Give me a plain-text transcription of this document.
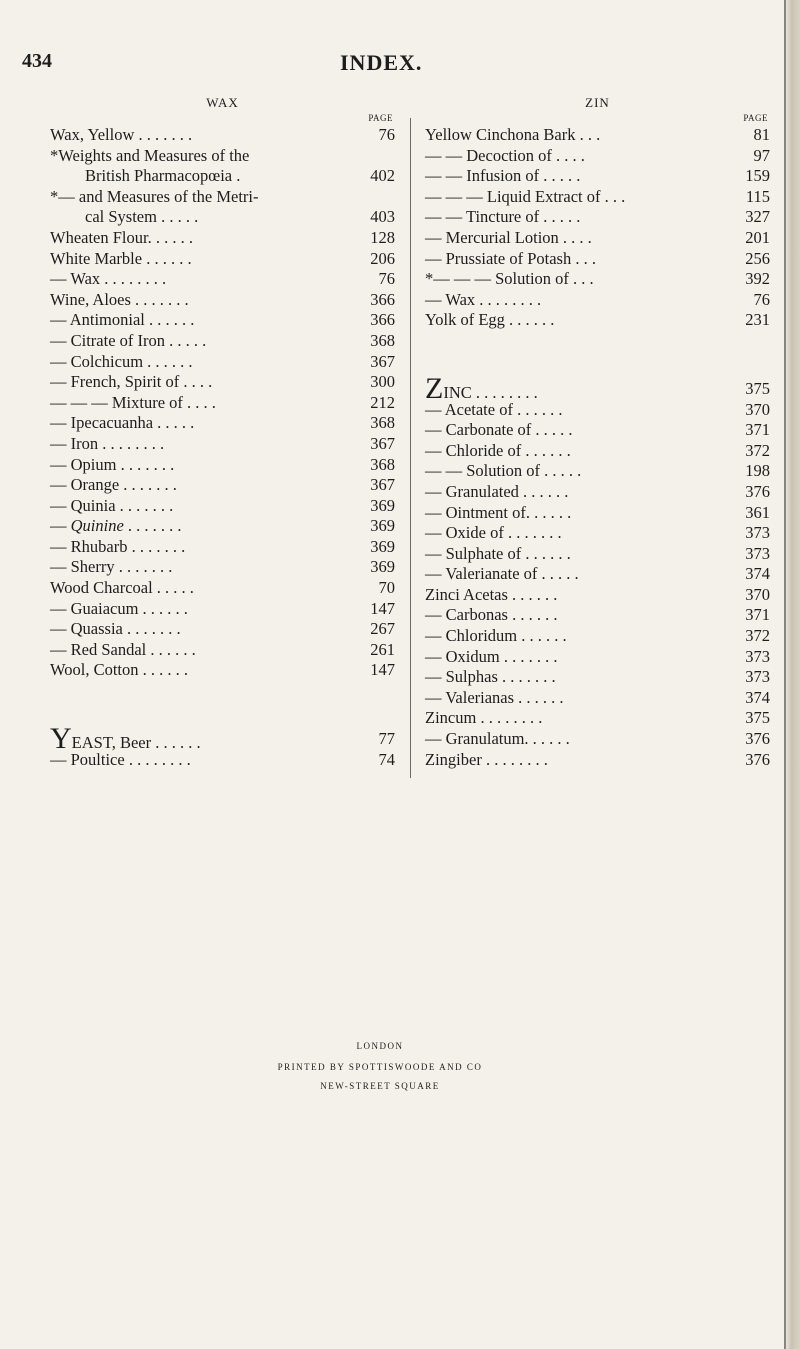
434	INDEX.
WAX
PAGE
Wax, Yellow . . . . . . .	76
*Weights and Measures of the
British Pharmacopœia .	402
*— and Measures of the Metri-
cal System . . . . .	403
Wheaten Flour. . . . . .	128
White Marble . . . . . .	206
— Wax . . . . . . . .	76
Wine, Aloes . . . . . . .	366
— Antimonial . . . . . .	366
— Citrate of Iron . . . . .	368
— Colchicum . . . . . .	367
— French, Spirit of . . . .	300
— — — Mixture of . . . .	212
— Ipecacuanha . . . . .	368
— Iron . . . . . . . .	367
— Opium . . . . . . .	368
— Orange . . . . . . .	367
— Quinia . . . . . . .	369
— Quinine . . . . . . .	369
— Rhubarb . . . . . . .	369
— Sherry . . . . . . .	369
Wood Charcoal . . . . .	70
— Guaiacum . . . . . .	147
— Quassia . . . . . . .	267
— Red Sandal . . . . . .	261
Wool, Cotton . . . . . .	147
YEAST, Beer . . . . . .	77
— Poultice . . . . . . . .	74
ZIN
PAGE
Yellow Cinchona Bark . . .	81
— — Decoction of . . . .	97
— — Infusion of . . . . .	159
— — — Liquid Extract of . . .	115
— — Tincture of . . . . .	327
— Mercurial Lotion . . . .	201
— Prussiate of Potash . . .	256
*— — — Solution of . . .	392
— Wax . . . . . . . .	76
Yolk of Egg . . . . . .	231
ZINC . . . . . . . .	375
— Acetate of . . . . . .	370
— Carbonate of . . . . .	371
— Chloride of . . . . . .	372
— — Solution of . . . . .	198
— Granulated . . . . . .	376
— Ointment of. . . . . .	361
— Oxide of . . . . . . .	373
— Sulphate of . . . . . .	373
— Valerianate of . . . . .	374
Zinci Acetas . . . . . .	370
— Carbonas . . . . . .	371
— Chloridum . . . . . .	372
— Oxidum . . . . . . .	373
— Sulphas . . . . . . .	373
— Valerianas . . . . . .	374
Zincum . . . . . . . .	375
— Granulatum. . . . . .	376
Zingiber . . . . . . . .	376
LONDON
PRINTED BY SPOTTISWOODE AND CO
NEW-STREET SQUARE
